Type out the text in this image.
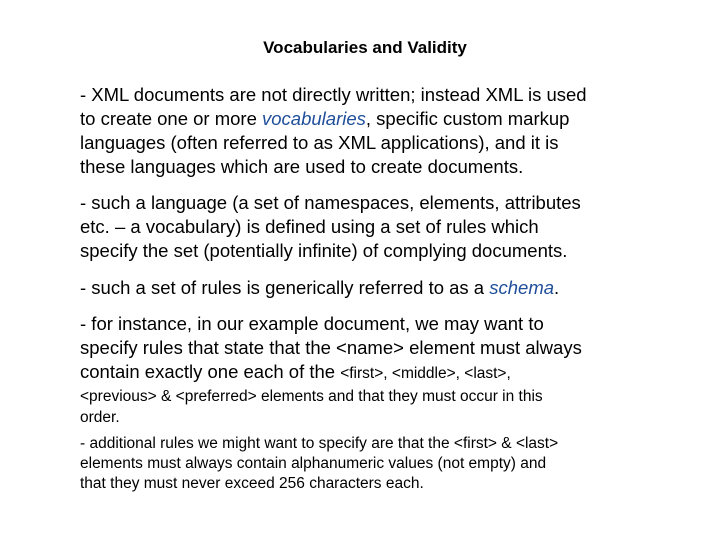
Vocabularies and Validity
- XML documents are not directly written; instead XML is used
to create one or more vocabularies, specific custom markup
languages (often referred to as XML applications), and it is
these languages which are used to create documents.
- such a language (a set of namespaces, elements, attributes
etc. – a vocabulary) is defined using a set of rules which
specify the set (potentially infinite) of complying documents.
- such a set of rules is generically referred to as a schema.
- for instance, in our example document, we may want to
specify rules that state that the <name> element must always
contain exactly one each of the <first>, <middle>, <last>,
<previous> & <preferred> elements and that they must occur in this
order.
- additional rules we might want to specify are that the <first> & <last>
elements must always contain alphanumeric values (not empty) and
that they must never exceed 256 characters each.
